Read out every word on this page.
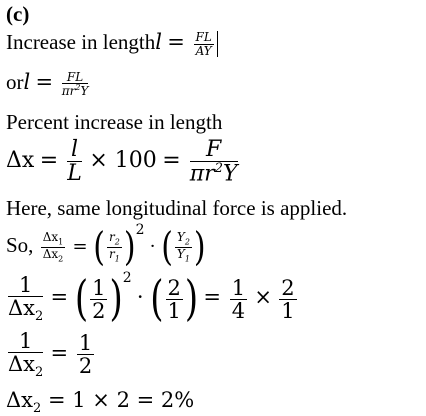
(c)
Increase in lengthl = $\frac{FL}{AY}$
orl = $\frac{FL}{\pi r^2Y}$
Percent increase in length
$\Delta x = \frac{l}{L} \times 100 = \frac{F}{\pi r^2Y}$
Here, same longitudinal force is applied.
So, $\frac{\Delta x_1}{\Delta x_2}$ = ( $\frac{r_2}{r_1} )^2$ · ( $\frac{Y_2}{Y_1}$ )
$\frac{1}{\Delta x_2}$ = ( $\frac{1}{2} )^2$ · ( $\frac{2}{1}$ ) = $\frac{1}{4} \times \frac{2}{1}$
$\frac{1}{\Delta x_2} = \frac{1}{2}$
$\Delta x_2 = 1 \times 2 = 2\%$
